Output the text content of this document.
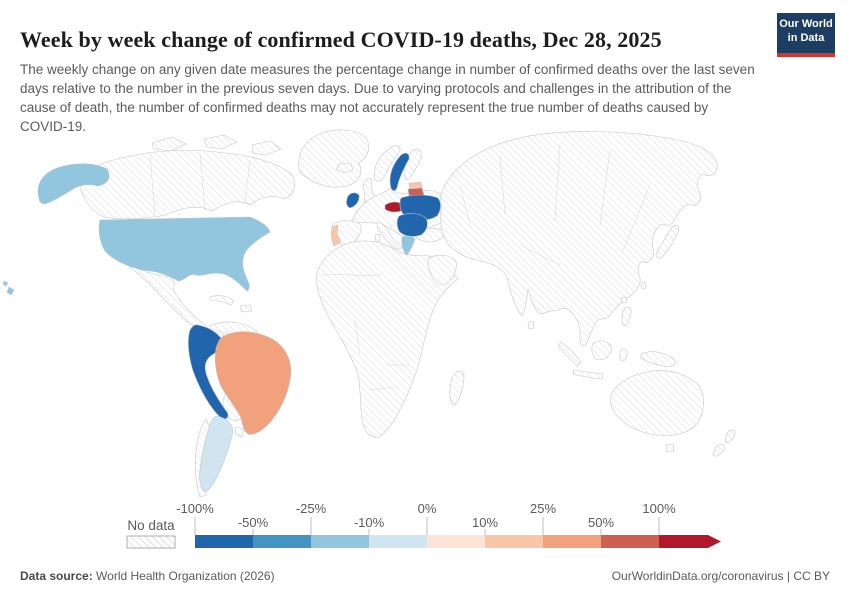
Week by week change of confirmed COVID-19 deaths, Dec 28, 2025

The weekly change on any given date measures the percentage change in number of confirmed deaths over the last seven days relative to the number in the previous seven days. Due to varying protocols and challenges in the attribution of the cause of death, the number of confirmed deaths may not accurately represent the true number of deaths caused by COVID-19.

Our World
in Data
No data
-100%	-25%	0%	25%	100%
-50%	-10%	10%	50%
Data source: World Health Organization (2026)	OurWorldinData.org/coronavirus | CC BY
